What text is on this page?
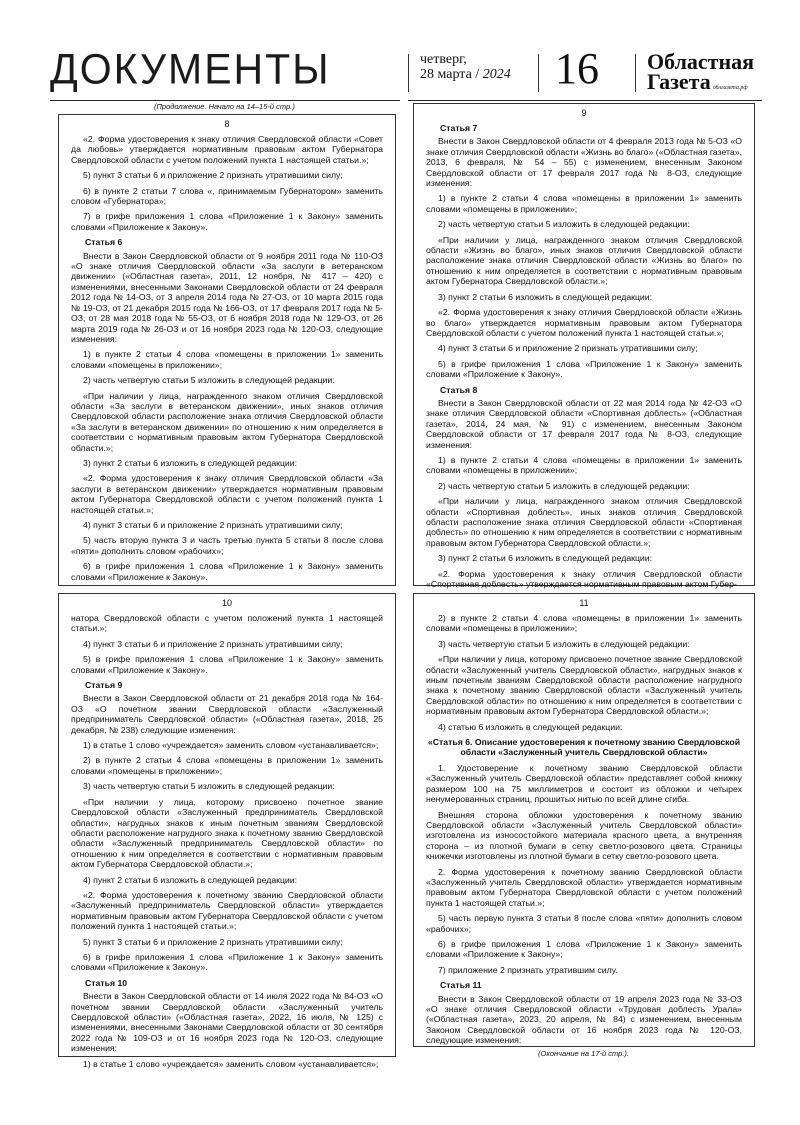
ДОКУМЕНТЫ	четверг,
28 марта / 2024 16 Областная
Газета облгазета.рф
(Продолжение. Начало на 14–15-й стр.)
8

«2. Форма удостоверения к знаку отличия Свердловской области «Совет да любовь» утверждается нормативным правовым актом Губернатора Свердловской области с учетом положений пункта 1 настоящей статьи.»;

5) пункт 3 статьи 6 и приложение 2 признать утратившими силу;

6) в пункте 2 статьи 7 слова «, принимаемым Губернатором» заменить словом «Губернатора»;

7) в грифе приложения 1 слова «Приложение 1 к Закону» заменить словами «Приложение к Закону».

Статья 6

Внести в Закон Свердловской области от 9 ноября 2011 года № 110-ОЗ «О знаке отличия Свердловской области «За заслуги в ветеранском движении» («Областная газета», 2011, 12 ноября, № 417 – 420) с изменениями, внесенными Законами Свердловской области от 24 февраля 2012 года № 14-ОЗ, от 3 апреля 2014 года № 27-ОЗ, от 10 марта 2015 года № 19-ОЗ, от 21 декабря 2015 года № 166-ОЗ, от 17 февраля 2017 года № 5-ОЗ, от 28 мая 2018 года № 55-ОЗ, от 6 ноября 2018 года № 129-ОЗ, от 26 марта 2019 года № 26-ОЗ и от 16 ноября 2023 года № 120-ОЗ, следующие изменения:

1) в пункте 2 статьи 4 слова «помещены в приложении 1» заменить словами «помещены в приложении»;

2) часть четвертую статьи 5 изложить в следующей редакции:

«При наличии у лица, награжденного знаком отличия Свердловской области «За заслуги в ветеранском движении», иных знаков отличия Свердловской области расположение знака отличия Свердловской области «За заслуги в ветеранском движении» по отношению к ним определяется в соответствии с нормативным правовым актом Губернатора Свердловской области.»;

3) пункт 2 статьи 6 изложить в следующей редакции:

«2. Форма удостоверения к знаку отличия Свердловской области «За заслуги в ветеранском движении» утверждается нормативным правовым актом Губернатора Свердловской области с учетом положений пункта 1 настоящей статьи.»;

4) пункт 3 статьи 6 и приложение 2 признать утратившими силу;

5) часть вторую пункта 3 и часть третью пункта 5 статьи 8 после слова «пяти» дополнить словом «рабочих»;

6) в грифе приложения 1 слова «Приложение 1 к Закону» заменить словами «Приложение к Закону».

9

Статья 7

Внести в Закон Свердловской области от 4 февраля 2013 года № 5-ОЗ «О знаке отличия Свердловской области «Жизнь во благо» («Областная газета», 2013, 6 февраля, № 54 – 55) с изменением, внесенным Законом Свердловской области от 17 февраля 2017 года № 8-ОЗ, следующие изменения:

1) в пункте 2 статьи 4 слова «помещены в приложении 1» заменить словами «помещены в приложении»;

2) часть четвертую статьи 5 изложить в следующей редакции:

«При наличии у лица, награжденного знаком отличия Свердловской области «Жизнь во благо», иных знаков отличия Свердловской области расположение знака отличия Свердловской области «Жизнь во благо» по отношению к ним определяется в соответствии с нормативным правовым актом Губернатора Свердловской области.»;

3) пункт 2 статьи 6 изложить в следующей редакции:

«2. Форма удостоверения к знаку отличия Свердловской области «Жизнь во благо» утверждается нормативным правовым актом Губернатора Свердловской области с учетом положений пункта 1 настоящей статьи.»;

4) пункт 3 статьи 6 и приложение 2 признать утратившими силу;

5) в грифе приложения 1 слова «Приложение 1 к Закону» заменить словами «Приложение к Закону».

Статья 8

Внести в Закон Свердловской области от 22 мая 2014 года № 42-ОЗ «О знаке отличия Свердловской области «Спортивная доблесть» («Областная газета», 2014, 24 мая, № 91) с изменением, внесенным Законом Свердловской области от 17 февраля 2017 года № 8-ОЗ, следующие изменения:

1) в пункте 2 статьи 4 слова «помещены в приложении 1» заменить словами «помещены в приложении»;

2) часть четвертую статьи 5 изложить в следующей редакции:

«При наличии у лица, награжденного знаком отличия Свердловской области «Спортивная доблесть», иных знаков отличия Свердловской области расположение знака отличия Свердловской области «Спортивная доблесть» по отношению к ним определяется в соответствии с нормативным правовым актом Губернатора Свердловской области.»;

3) пункт 2 статьи 6 изложить в следующей редакции:

«2. Форма удостоверения к знаку отличия Свердловской области «Спортивная доблесть» утверждается нормативным правовым актом Губер-

10

натора Свердловской области с учетом положений пункта 1 настоящей статьи.»;

4) пункт 3 статьи 6 и приложение 2 признать утратившими силу;

5) в грифе приложения 1 слова «Приложение 1 к Закону» заменить словами «Приложение к Закону».

Статья 9

Внести в Закон Свердловской области от 21 декабря 2018 года № 164-ОЗ «О почетном звании Свердловской области «Заслуженный предприниматель Свердловской области» («Областная газета», 2018, 25 декабря, № 238) следующие изменения:

1) в статье 1 слово «учреждается» заменить словом «устанавливается»;

2) в пункте 2 статьи 4 слова «помещены в приложении 1» заменить словами «помещены в приложении»;

3) часть четвертую статьи 5 изложить в следующей редакции:

«При наличии у лица, которому присвоено почетное звание Свердловской области «Заслуженный предприниматель Свердловской области», нагрудных знаков к иным почетным званиям Свердловской области расположение нагрудного знака к почетному званию Свердловской области «Заслуженный предприниматель Свердловской области» по отношению к ним определяется в соответствии с нормативным правовым актом Губернатора Свердловской области.»;

4) пункт 2 статьи 6 изложить в следующей редакции:

«2. Форма удостоверения к почетному званию Свердловской области «Заслуженный предприниматель Свердловской области» утверждается нормативным правовым актом Губернатора Свердловской области с учетом положений пункта 1 настоящей статьи.»;

5) пункт 3 статьи 6 и приложение 2 признать утратившими силу;

6) в грифе приложения 1 слова «Приложение 1 к Закону» заменить словами «Приложение к Закону».

Статья 10

Внести в Закон Свердловской области от 14 июля 2022 года № 84-ОЗ «О почетном звании Свердловской области «Заслуженный учитель Свердловской области» («Областная газета», 2022, 16 июля, № 125) с изменениями, внесенными Законами Свердловской области от 30 сентября 2022 года № 109-ОЗ и от 16 ноября 2023 года № 120-ОЗ, следующие изменения:

1) в статье 1 слово «учреждается» заменить словом «устанавливается»;

11

2) в пункте 2 статьи 4 слова «помещены в приложении 1» заменить словами «помещены в приложении»;

3) часть четвертую статьи 5 изложить в следующей редакции:

«При наличии у лица, которому присвоено почетное звание Свердловской области «Заслуженный учитель Свердловской области», нагрудных знаков к иным почетным званиям Свердловской области расположение нагрудного знака к почетному званию Свердловской области «Заслуженный учитель Свердловской области» по отношению к ним определяется в соответствии с нормативным правовым актом Губернатора Свердловской области.»;

4) статью 6 изложить в следующей редакции:

«Статья 6. Описание удостоверения к почетному званию Свердловской области «Заслуженный учитель Свердловской области»

1. Удостоверение к почетному званию Свердловской области «Заслуженный учитель Свердловской области» представляет собой книжку размером 100 на 75 миллиметров и состоит из обложки и четырех ненумерованных страниц, прошитых нитью по всей длине сгиба.

Внешняя сторона обложки удостоверения к почетному званию Свердловской области «Заслуженный учитель Свердловской области» изготовлена из износостойкого материала красного цвета, а внутренняя сторона – из плотной бумаги в сетку светло-розового цвета. Страницы книжечки изготовлены из плотной бумаги в сетку светло-розового цвета.

2. Форма удостоверения к почетному званию Свердловской области «Заслуженный учитель Свердловской области» утверждается нормативным правовым актом Губернатора Свердловской области с учетом положений пункта 1 настоящей статьи.»;

5) часть первую пункта 3 статьи 8 после слова «пяти» дополнить словом «рабочих»;

6) в грифе приложения 1 слова «Приложение 1 к Закону» заменить словами «Приложение к Закону»;

7) приложение 2 признать утратившим силу.

Статья 11

Внести в Закон Свердловской области от 19 апреля 2023 года № 33-ОЗ «О знаке отличия Свердловской области «Трудовая доблесть Урала» («Областная газета», 2023, 20 апреля, № 84) с изменением, внесенным Законом Свердловской области от 16 ноября 2023 года № 120-ОЗ, следующие изменения:

(Окончание на 17-й стр.).
